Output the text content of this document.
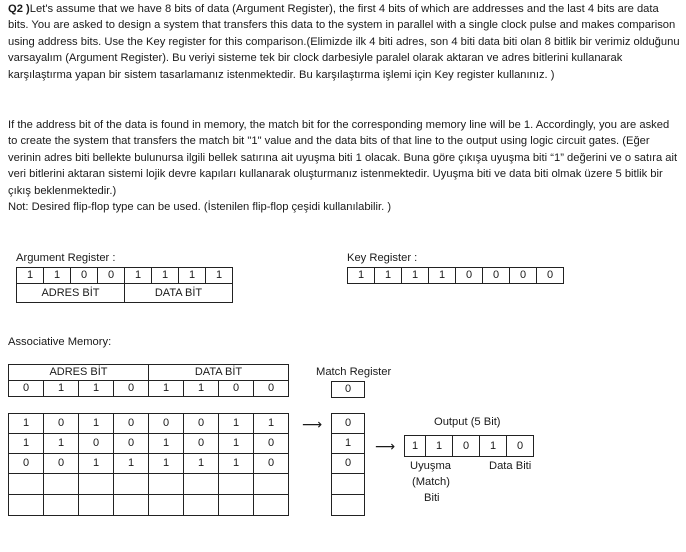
Q2 )Let's assume that we have 8 bits of data (Argument Register), the first 4 bits of which are addresses and the last 4 bits are data bits. You are asked to design a system that transfers this data to the system in parallel with a single clock pulse and makes comparison using address bits. Use the Key register for this comparison.(Elimizde ilk 4 biti adres, son 4 biti data biti olan 8 bitlik bir verimiz olduğunu varsayalım (Argument Register). Bu veriyi sisteme tek bir clock darbesiyle paralel olarak aktaran ve adres bitlerini kullanarak karşılaştırma yapan bir sistem tasarlamanız istenmektedir. Bu karşılaştırma işlemi için Key register kullanınız. )

If the address bit of the data is found in memory, the match bit for the corresponding memory line will be 1. Accordingly, you are asked to create the system that transfers the match bit "1" value and the data bits of that line to the output using logic circuit gates. (Eğer verinin adres biti bellekte bulunursa ilgili bellek satırına ait uyuşma biti 1 olacak. Buna göre çıkışa uyuşma biti “1” değerini ve o satıra ait veri bitlerini aktaran sistemi lojik devre kapıları kullanarak oluşturmanız istenmektedir. Uyuşma biti ve data biti olmak üzere 5 bitlik bir çıkış beklenmektedir.)
Not: Desired flip-flop type can be used. (İstenilen flip-flop çeşidi kullanılabilir. )

Argument Register :
1	1	0	0	1	1	1	1
ADRES BİT				DATA BİT			
Key Register :
1	1	1	1	0	0	0	0
Associative Memory:
ADRES BİT				DATA BİT			
0	1	1	0	1	1	0	0
1	0	1	0	0	0	1	1
1	1	0	0	1	0	1	0
0	0	1	1	1	1	1	0

Match Register
0
⟶ 0
1
0

Output (5 Bit)
⟶ 1	1	0	1	0
Uyuşma
(Match)
Biti
Data Biti
